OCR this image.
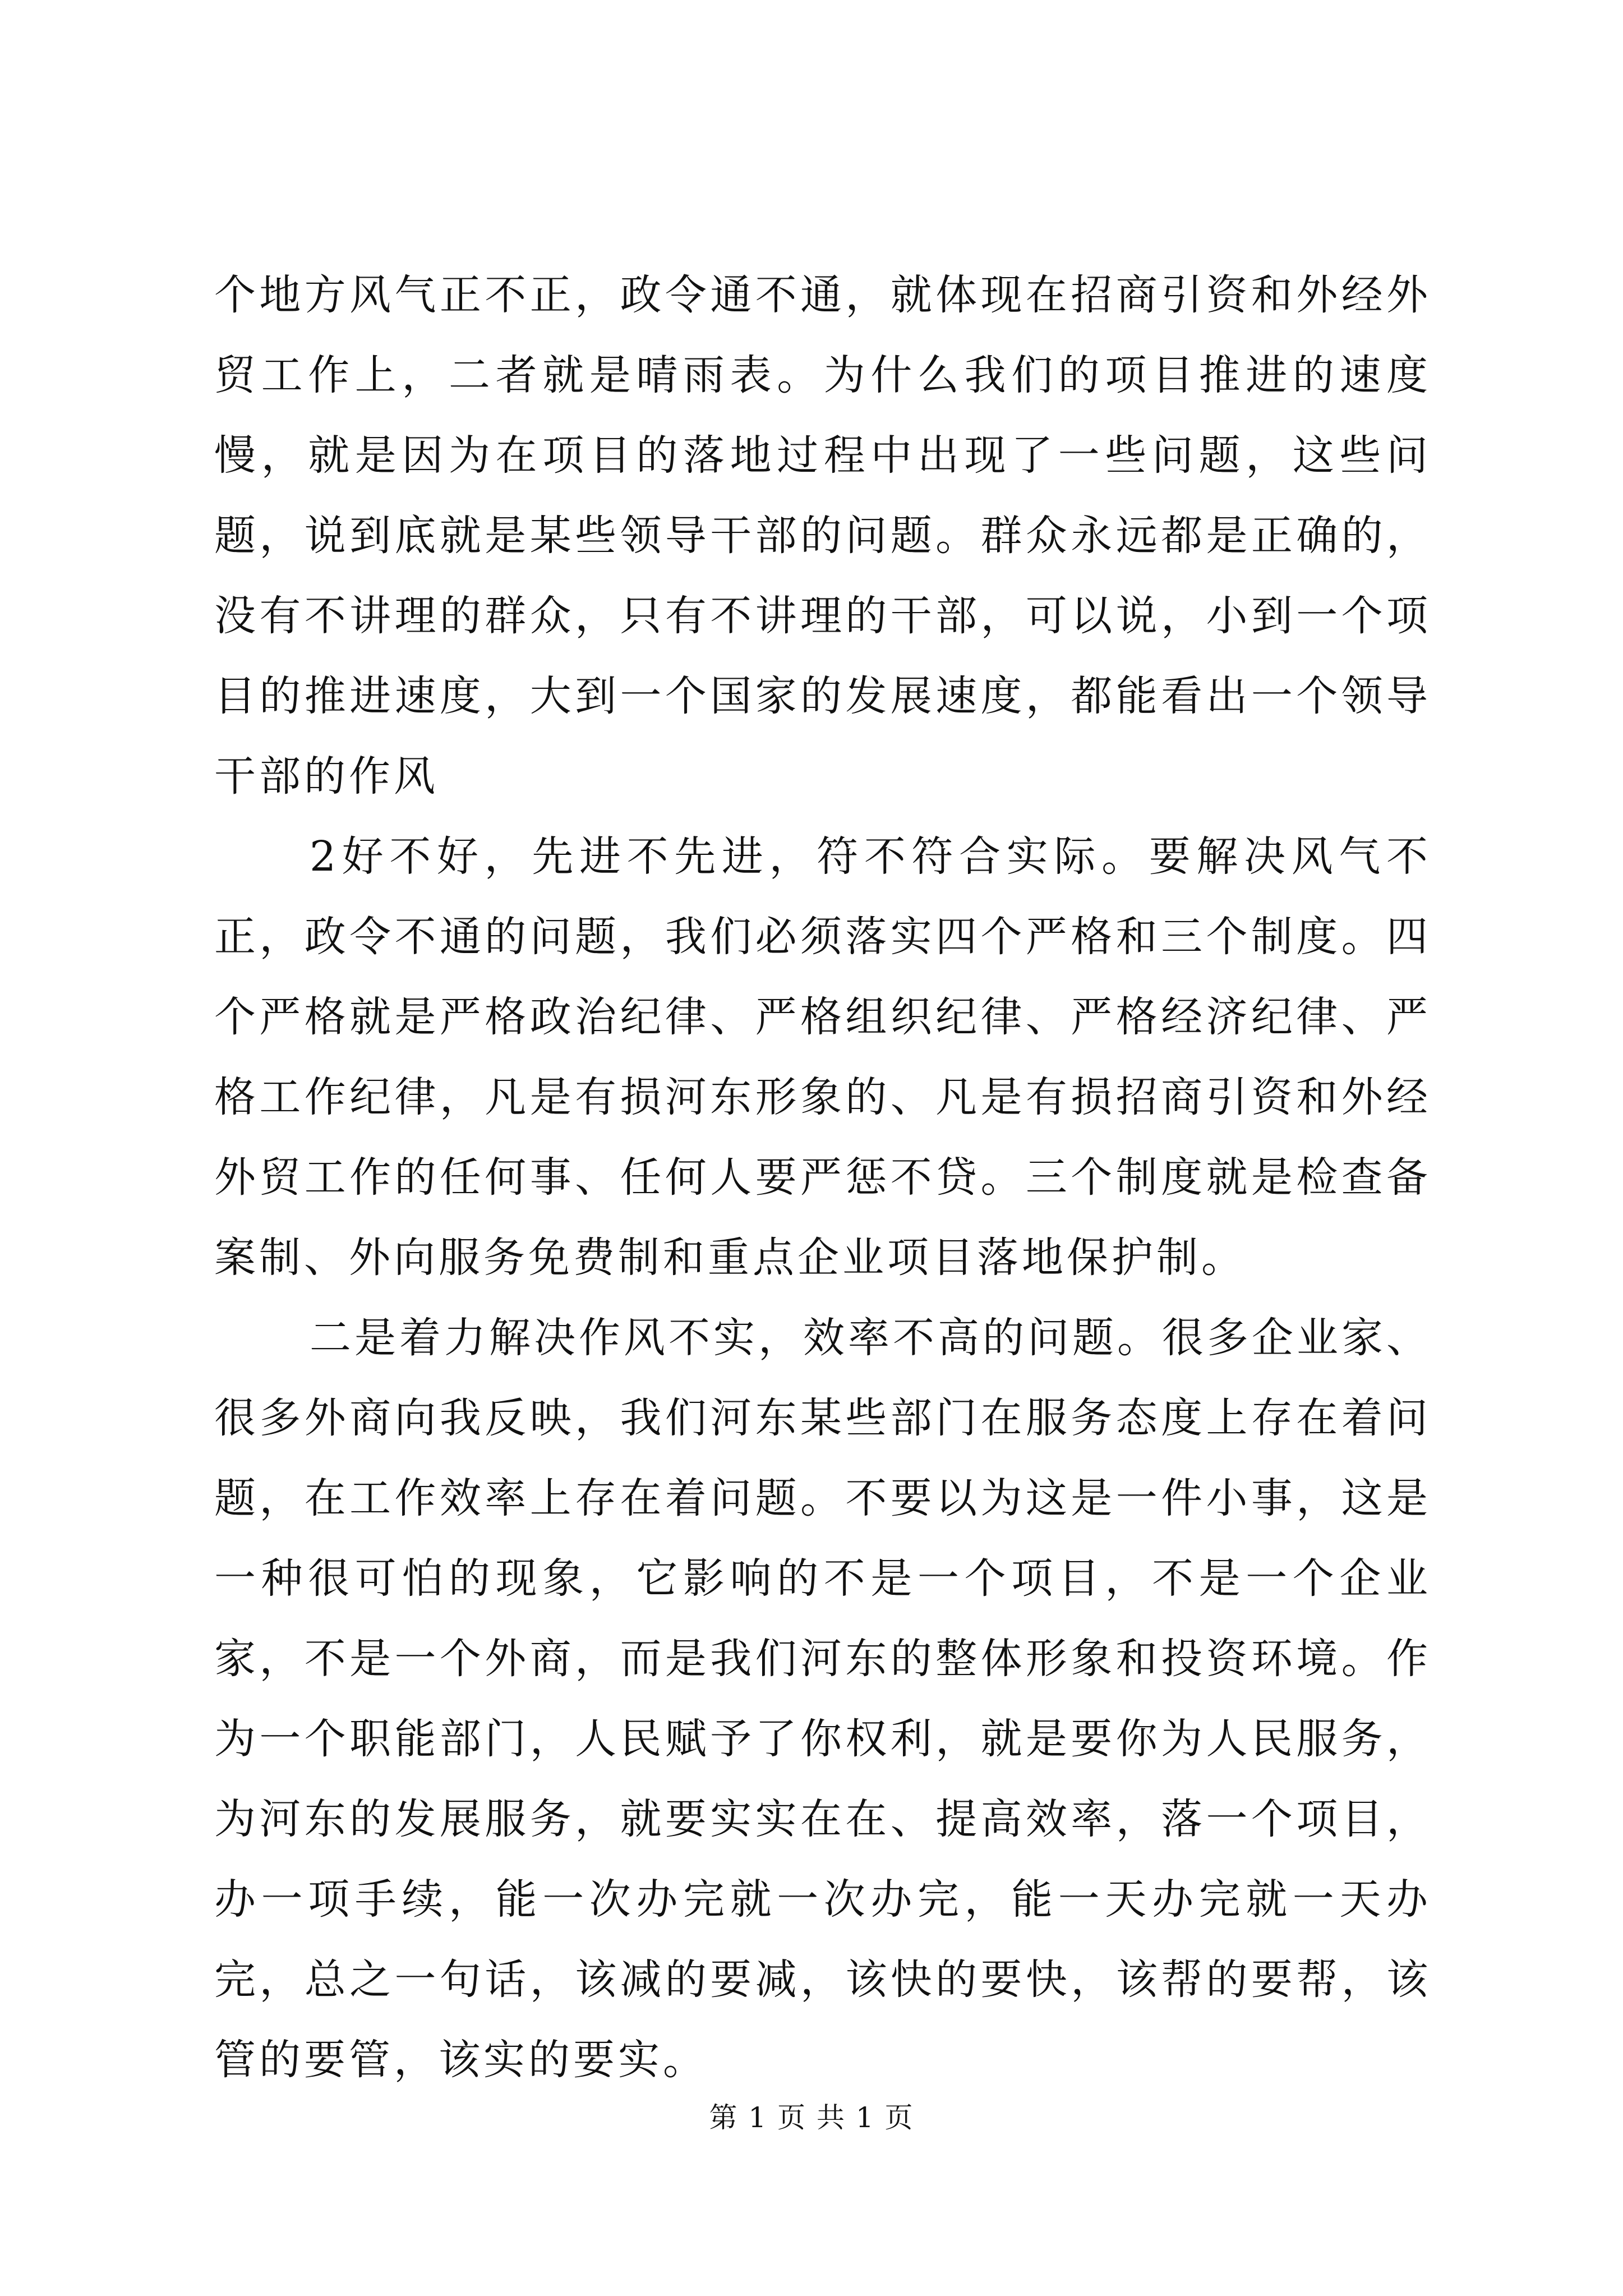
个地方风气正不正，政令通不通，就体现在招商引资和外经外贸工作上，二者就是晴雨表。为什么我们的项目推进的速度慢，就是因为在项目的落地过程中出现了一些问题，这些问题，说到底就是某些领导干部的问题。群众永远都是正确的，没有不讲理的群众，只有不讲理的干部，可以说，小到一个项目的推进速度，大到一个国家的发展速度，都能看出一个领导干部的作风

2好不好，先进不先进，符不符合实际。要解决风气不正，政令不通的问题，我们必须落实四个严格和三个制度。四个严格就是严格政治纪律、严格组织纪律、严格经济纪律、严格工作纪律，凡是有损河东形象的、凡是有损招商引资和外经外贸工作的任何事、任何人要严惩不贷。三个制度就是检查备案制、外向服务免费制和重点企业项目落地保护制。

二是着力解决作风不实，效率不高的问题。很多企业家、很多外商向我反映，我们河东某些部门在服务态度上存在着问题，在工作效率上存在着问题。不要以为这是一件小事，这是一种很可怕的现象，它影响的不是一个项目，不是一个企业家，不是一个外商，而是我们河东的整体形象和投资环境。作为一个职能部门，人民赋予了你权利，就是要你为人民服务，为河东的发展服务，就要实实在在、提高效率，落一个项目，办一项手续，能一次办完就一次办完，能一天办完就一天办完，总之一句话，该减的要减，该快的要快，该帮的要帮，该管的要管，该实的要实。

第 1 页 共 1 页
